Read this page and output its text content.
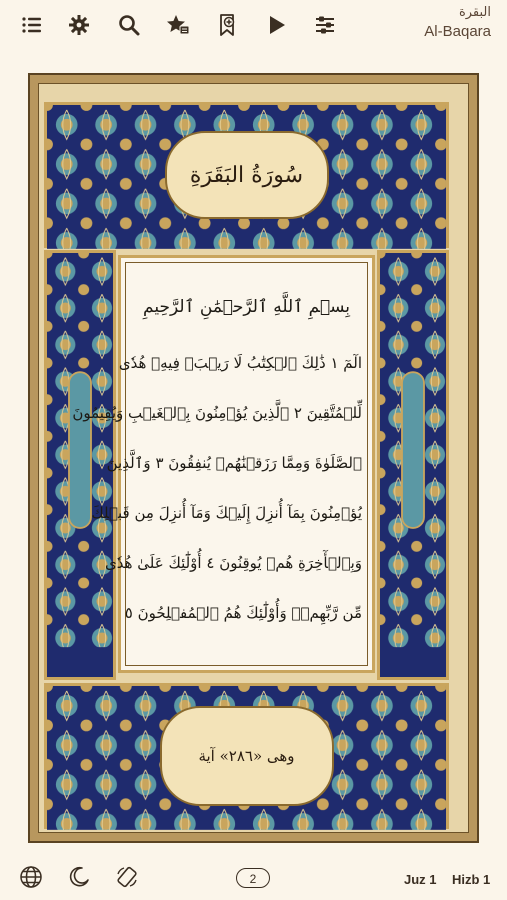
البقرة
Al-Baqara
سُورَةُ البَقَرَةِ
بِسۡمِ ٱللَّهِ ٱلرَّحۡمَٰنِ ٱلرَّحِيمِ
الٓمٓ ١ ذَٰلِكَ ٱلۡكِتَٰبُ لَا رَيۡبَۛ فِيهِۛ هُدٗى
لِّلۡمُتَّقِينَ ٢ ٱلَّذِينَ يُؤۡمِنُونَ بِٱلۡغَيۡبِ وَيُقِيمُونَ
ٱلصَّلَوٰةَ وَمِمَّا رَزَقۡنَٰهُمۡ يُنفِقُونَ ٣ وَٱلَّذِينَ
يُؤۡمِنُونَ بِمَآ أُنزِلَ إِلَيۡكَ وَمَآ أُنزِلَ مِن قَبۡلِكَ
وَبِٱلۡأٓخِرَةِ هُمۡ يُوقِنُونَ ٤ أُوْلَٰٓئِكَ عَلَىٰ هُدٗى
مِّن رَّبِّهِمۡۖ وَأُوْلَٰٓئِكَ هُمُ ٱلۡمُفۡلِحُونَ ٥
وهى «٢٨٦» آية
2	Juz 1 Hizb 1
